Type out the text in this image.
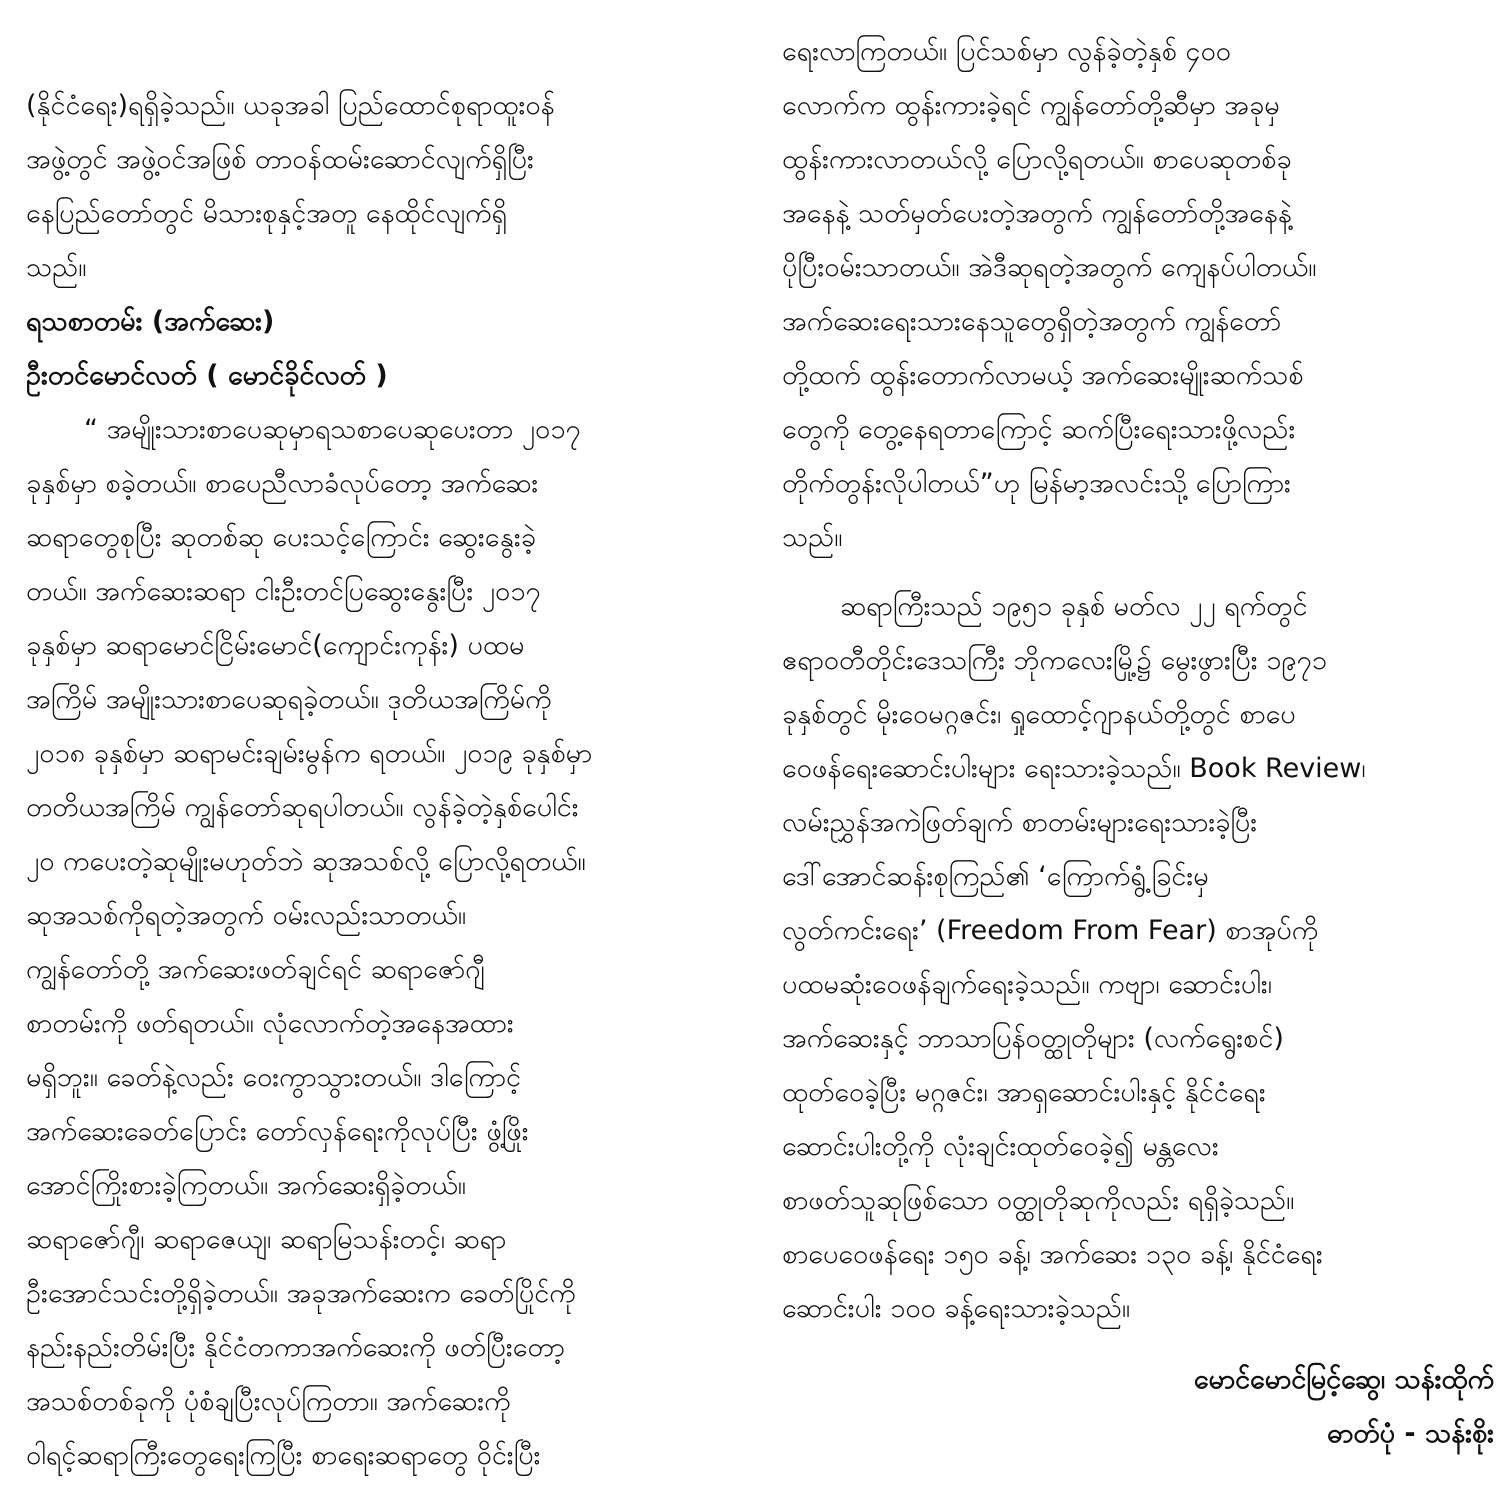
(နိုင်ငံရေး)ရရှိခဲ့သည်။ ယခုအခါ ပြည်ထောင်စုရာထူးဝန်
အဖွဲ့တွင် အဖွဲ့ဝင်အဖြစ် တာဝန်ထမ်းဆောင်လျက်ရှိပြီး
နေပြည်တော်တွင် မိသားစုနှင့်အတူ နေထိုင်လျက်ရှိ
သည်။
ရသစာတမ်း (အက်ဆေး)
ဦးတင်မောင်လတ် ( မောင်ခိုင်လတ် )
“ အမျိုးသားစာပေဆုမှာရသစာပေဆုပေးတာ ၂၀၁၇
ခုနှစ်မှာ စခဲ့တယ်။ စာပေညီလာခံလုပ်တော့ အက်ဆေး
ဆရာတွေစုပြီး ဆုတစ်ဆု ပေးသင့်ကြောင်း ဆွေးနွေးခဲ့
တယ်။ အက်ဆေးဆရာ ငါးဦးတင်ပြဆွေးနွေးပြီး ၂၀၁၇
ခုနှစ်မှာ ဆရာမောင်ငြိမ်းမောင်(ကျောင်းကုန်း) ပထမ
အကြိမ် အမျိုးသားစာပေဆုရခဲ့တယ်။ ဒုတိယအကြိမ်ကို
၂၀၁၈ ခုနှစ်မှာ ဆရာမင်းချမ်းမွန်က ရတယ်။ ၂၀၁၉ ခုနှစ်မှာ
တတိယအကြိမ် ကျွန်တော်ဆုရပါတယ်။ လွန်ခဲ့တဲ့နှစ်ပေါင်း
၂၀ ကပေးတဲ့ဆုမျိုးမဟုတ်ဘဲ ဆုအသစ်လို့ ပြောလို့ရတယ်။
ဆုအသစ်ကိုရတဲ့အတွက် ဝမ်းလည်းသာတယ်။
ကျွန်တော်တို့ အက်ဆေးဖတ်ချင်ရင် ဆရာဇော်ဂျီ
စာတမ်းကို ဖတ်ရတယ်။ လုံလောက်တဲ့အနေအထား
မရှိဘူး။ ခေတ်နဲ့လည်း ဝေးကွာသွားတယ်။ ဒါကြောင့်
အက်ဆေးခေတ်ပြောင်း တော်လှန်ရေးကိုလုပ်ပြီး ဖွံ့ဖြိုး
အောင်ကြိုးစားခဲ့ကြတယ်။ အက်ဆေးရှိခဲ့တယ်။
ဆရာဇော်ဂျီ၊ ဆရာဇေယျ၊ ဆရာမြသန်းတင့်၊ ဆရာ
ဦးအောင်သင်းတို့ရှိခဲ့တယ်။ အခုအက်ဆေးက ခေတ်ပြိုင်ကို
နည်းနည်းတိမ်းပြီး နိုင်ငံတကာအက်ဆေးကို ဖတ်ပြီးတော့
အသစ်တစ်ခုကို ပုံစံချပြီးလုပ်ကြတာ။ အက်ဆေးကို
ဝါရင့်ဆရာကြီးတွေရေးကြပြီး စာရေးဆရာတွေ ဝိုင်းပြီး
ရေးလာကြတယ်။ ပြင်သစ်မှာ လွန်ခဲ့တဲ့နှစ် ၄၀၀
လောက်က ထွန်းကားခဲ့ရင် ကျွန်တော်တို့ဆီမှာ အခုမှ
ထွန်းကားလာတယ်လို့ ပြောလို့ရတယ်။ စာပေဆုတစ်ခု
အနေနဲ့ သတ်မှတ်ပေးတဲ့အတွက် ကျွန်တော်တို့အနေနဲ့
ပိုပြီးဝမ်းသာတယ်။ အဲဒီဆုရတဲ့အတွက် ကျေနပ်ပါတယ်။
အက်ဆေးရေးသားနေသူတွေရှိတဲ့အတွက် ကျွန်တော်
တို့ထက် ထွန်းတောက်လာမယ့် အက်ဆေးမျိုးဆက်သစ်
တွေကို တွေ့နေရတာကြောင့် ဆက်ပြီးရေးသားဖို့လည်း
တိုက်တွန်းလိုပါတယ်”ဟု မြန်မာ့အလင်းသို့ ပြောကြား
သည်။
ဆရာကြီးသည် ၁၉၅၁ ခုနှစ် မတ်လ ၂၂ ရက်တွင်
ဧရာဝတီတိုင်းဒေသကြီး ဘိုကလေးမြို့၌ မွေးဖွားပြီး ၁၉၇၁
ခုနှစ်တွင် မိုးဝေမဂ္ဂဇင်း၊ ရှုထောင့်ဂျာနယ်တို့တွင် စာပေ
ဝေဖန်ရေးဆောင်းပါးများ ရေးသားခဲ့သည်။ Book Review၊
လမ်းညွှန်အကဲဖြတ်ချက် စာတမ်းများရေးသားခဲ့ပြီး
ဒေါ်အောင်ဆန်းစုကြည်၏ ‘ကြောက်ရွံ့ခြင်းမှ
လွတ်ကင်းရေး’ (Freedom From Fear) စာအုပ်ကို
ပထမဆုံးဝေဖန်ချက်ရေးခဲ့သည်။ ကဗျာ၊ ဆောင်းပါး၊
အက်ဆေးနှင့် ဘာသာပြန်ဝတ္ထုတိုများ (လက်ရွေးစင်)
ထုတ်ဝေခဲ့ပြီး မဂ္ဂဇင်း၊ အာရှဆောင်းပါးနှင့် နိုင်ငံရေး
ဆောင်းပါးတို့ကို လုံးချင်းထုတ်ဝေခဲ့၍ မန္တလေး
စာဖတ်သူဆုဖြစ်သော ဝတ္ထုတိုဆုကိုလည်း ရရှိခဲ့သည်။
စာပေဝေဖန်ရေး ၁၅၀ ခန့်၊ အက်ဆေး ၁၃၀ ခန့်၊ နိုင်ငံရေး
ဆောင်းပါး ၁၀၀ ခန့်ရေးသားခဲ့သည်။
မောင်မောင်မြင့်ဆွေ၊ သန်းထိုက်
ဓာတ်ပုံ - သန်းစိုး
